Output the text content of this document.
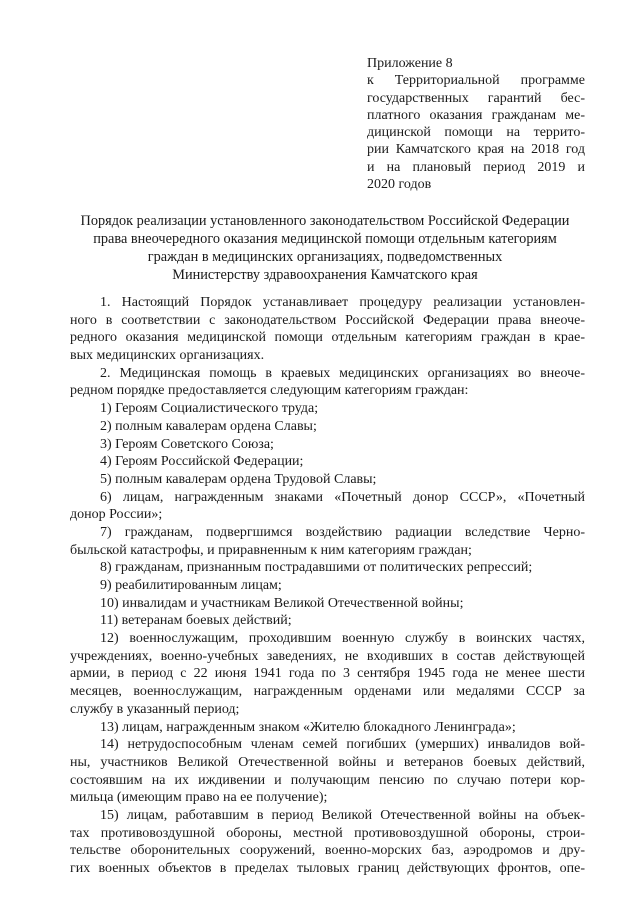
Приложение 8
к Территориальной программе
государственных гарантий бес-
платного оказания гражданам ме-
дицинской помощи на террито-
рии Камчатского края на 2018 год
и на плановый период 2019 и
2020 годов
Порядок реализации установленного законодательством Российской Федерации
права внеочередного оказания медицинской помощи отдельным категориям
граждан в медицинских организациях, подведомственных
Министерству здравоохранения Камчатского края
1. Настоящий Порядок устанавливает процедуру реализации установлен-
ного в соответствии с законодательством Российской Федерации права внеоче-
редного оказания медицинской помощи отдельным категориям граждан в крае-
вых медицинских организациях.
2. Медицинская помощь в краевых медицинских организациях во внеоче-
редном порядке предоставляется следующим категориям граждан:
1) Героям Социалистического труда;
2) полным кавалерам ордена Славы;
3) Героям Советского Союза;
4) Героям Российской Федерации;
5) полным кавалерам ордена Трудовой Славы;
6) лицам, награжденным знаками «Почетный донор СССР», «Почетный
донор России»;
7) гражданам, подвергшимся воздействию радиации вследствие Черно-
быльской катастрофы, и приравненным к ним категориям граждан;
8) гражданам, признанным пострадавшими от политических репрессий;
9) реабилитированным лицам;
10) инвалидам и участникам Великой Отечественной войны;
11) ветеранам боевых действий;
12) военнослужащим, проходившим военную службу в воинских частях,
учреждениях, военно-учебных заведениях, не входивших в состав действующей
армии, в период с 22 июня 1941 года по 3 сентября 1945 года не менее шести
месяцев, военнослужащим, награжденным орденами или медалями СССР за
службу в указанный период;
13) лицам, награжденным знаком «Жителю блокадного Ленинграда»;
14) нетрудоспособным членам семей погибших (умерших) инвалидов вой-
ны, участников Великой Отечественной войны и ветеранов боевых действий,
состоявшим на их иждивении и получающим пенсию по случаю потери кор-
мильца (имеющим право на ее получение);
15) лицам, работавшим в период Великой Отечественной войны на объек-
тах противовоздушной обороны, местной противовоздушной обороны, строи-
тельстве оборонительных сооружений, военно-морских баз, аэродромов и дру-
гих военных объектов в пределах тыловых границ действующих фронтов, опе-
